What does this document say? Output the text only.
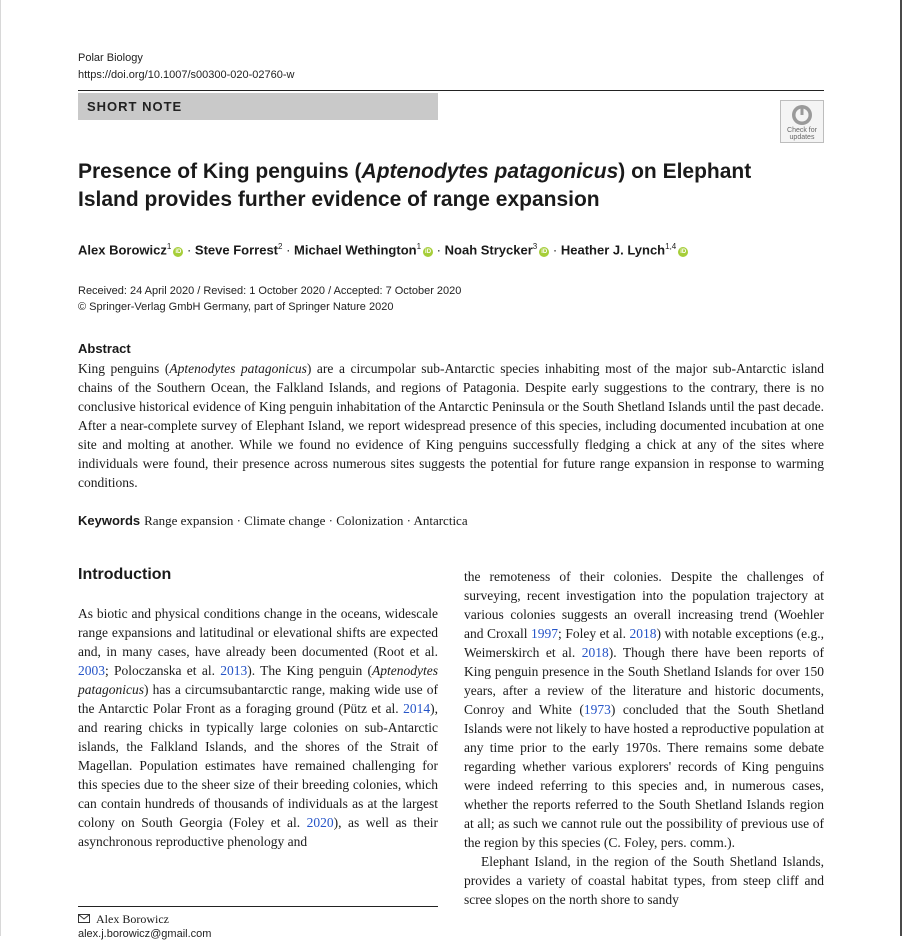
Polar Biology
https://doi.org/10.1007/s00300-020-02760-w
SHORT NOTE
Check for
updates
Presence of King penguins (Aptenodytes patagonicus) on Elephant Island provides further evidence of range expansion
Alex Borowicz$^1$iD · Steve Forrest$^2$ · Michael Wethington$^1$iD · Noah Strycker$^3$iD · Heather J. Lynch$^{1,4}$iD
Received: 24 April 2020 / Revised: 1 October 2020 / Accepted: 7 October 2020
© Springer-Verlag GmbH Germany, part of Springer Nature 2020
Abstract
King penguins (Aptenodytes patagonicus) are a circumpolar sub-Antarctic species inhabiting most of the major sub-Antarctic island chains of the Southern Ocean, the Falkland Islands, and regions of Patagonia. Despite early suggestions to the contrary, there is no conclusive historical evidence of King penguin inhabitation of the Antarctic Peninsula or the South Shetland Islands until the past decade. After a near-complete survey of Elephant Island, we report widespread presence of this species, including documented incubation at one site and molting at another. While we found no evidence of King penguins successfully fledging a chick at any of the sites where individuals were found, their presence across numerous sites suggests the potential for future range expansion in response to warming conditions.
Keywords Range expansion · Climate change · Colonization · Antarctica
Introduction

As biotic and physical conditions change in the oceans, widescale range expansions and latitudinal or elevational shifts are expected and, in many cases, have already been documented (Root et al. 2003; Poloczanska et al. 2013). The King penguin (Aptenodytes patagonicus) has a circumsubantarctic range, making wide use of the Antarctic Polar Front as a foraging ground (Pütz et al. 2014), and rearing chicks in typically large colonies on sub-Antarctic islands, the Falkland Islands, and the shores of the Strait of Magellan. Population estimates have remained challenging for this species due to the sheer size of their breeding colonies, which can contain hundreds of thousands of individuals as at the largest colony on South Georgia (Foley et al. 2020), as well as their asynchronous reproductive phenology and

the remoteness of their colonies. Despite the challenges of surveying, recent investigation into the population trajectory at various colonies suggests an overall increasing trend (Woehler and Croxall 1997; Foley et al. 2018) with notable exceptions (e.g., Weimerskirch et al. 2018). Though there have been reports of King penguin presence in the South Shetland Islands for over 150 years, after a review of the literature and historic documents, Conroy and White (1973) concluded that the South Shetland Islands were not likely to have hosted a reproductive population at any time prior to the early 1970s. There remains some debate regarding whether various explorers' records of King penguins were indeed referring to this species and, in numerous cases, whether the reports referred to the South Shetland Islands region at all; as such we cannot rule out the possibility of previous use of the region by this species (C. Foley, pers. comm.).

Elephant Island, in the region of the South Shetland Islands, provides a variety of coastal habitat types, from steep cliff and scree slopes on the north shore to sandy

Alex Borowicz
alex.j.borowicz@gmail.com
